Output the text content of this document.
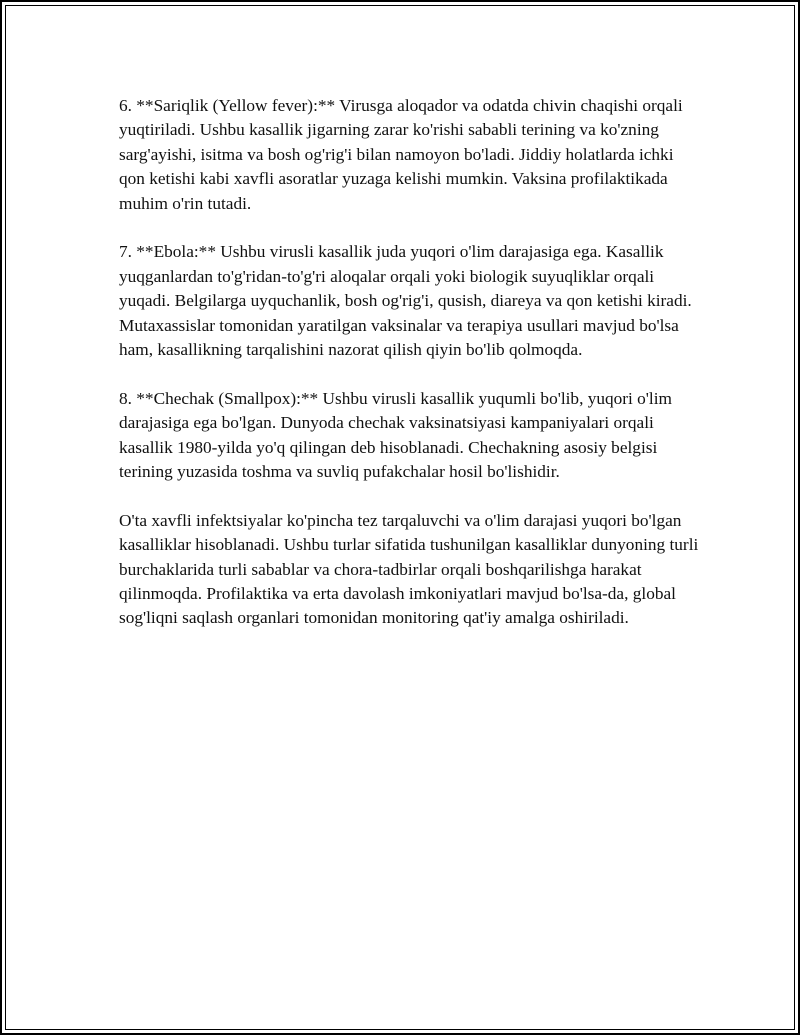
6. **Sariqlik (Yellow fever):** Virusga aloqador va odatda chivin chaqishi orqali yuqtiriladi. Ushbu kasallik jigarning zarar ko'rishi sababli terining va ko'zning sarg'ayishi, isitma va bosh og'rig'i bilan namoyon bo'ladi. Jiddiy holatlarda ichki qon ketishi kabi xavfli asoratlar yuzaga kelishi mumkin. Vaksina profilaktikada muhim o'rin tutadi.

7. **Ebola:** Ushbu virusli kasallik juda yuqori o'lim darajasiga ega. Kasallik yuqganlardan to'g'ridan-to'g'ri aloqalar orqali yoki biologik suyuqliklar orqali yuqadi. Belgilarga uyquchanlik, bosh og'rig'i, qusish, diareya va qon ketishi kiradi. Mutaxassislar tomonidan yaratilgan vaksinalar va terapiya usullari mavjud bo'lsa ham, kasallikning tarqalishini nazorat qilish qiyin bo'lib qolmoqda.

8. **Chechak (Smallpox):** Ushbu virusli kasallik yuqumli bo'lib, yuqori o'lim darajasiga ega bo'lgan. Dunyoda chechak vaksinatsiyasi kampaniyalari orqali kasallik 1980-yilda yo'q qilingan deb hisoblanadi. Chechakning asosiy belgisi terining yuzasida toshma va suvliq pufakchalar hosil bo'lishidir.

O'ta xavfli infektsiyalar ko'pincha tez tarqaluvchi va o'lim darajasi yuqori bo'lgan kasalliklar hisoblanadi. Ushbu turlar sifatida tushunilgan kasalliklar dunyoning turli burchaklarida turli sabablar va chora-tadbirlar orqali boshqarilishga harakat qilinmoqda. Profilaktika va erta davolash imkoniyatlari mavjud bo'lsa-da, global sog'liqni saqlash organlari tomonidan monitoring qat'iy amalga oshiriladi.
